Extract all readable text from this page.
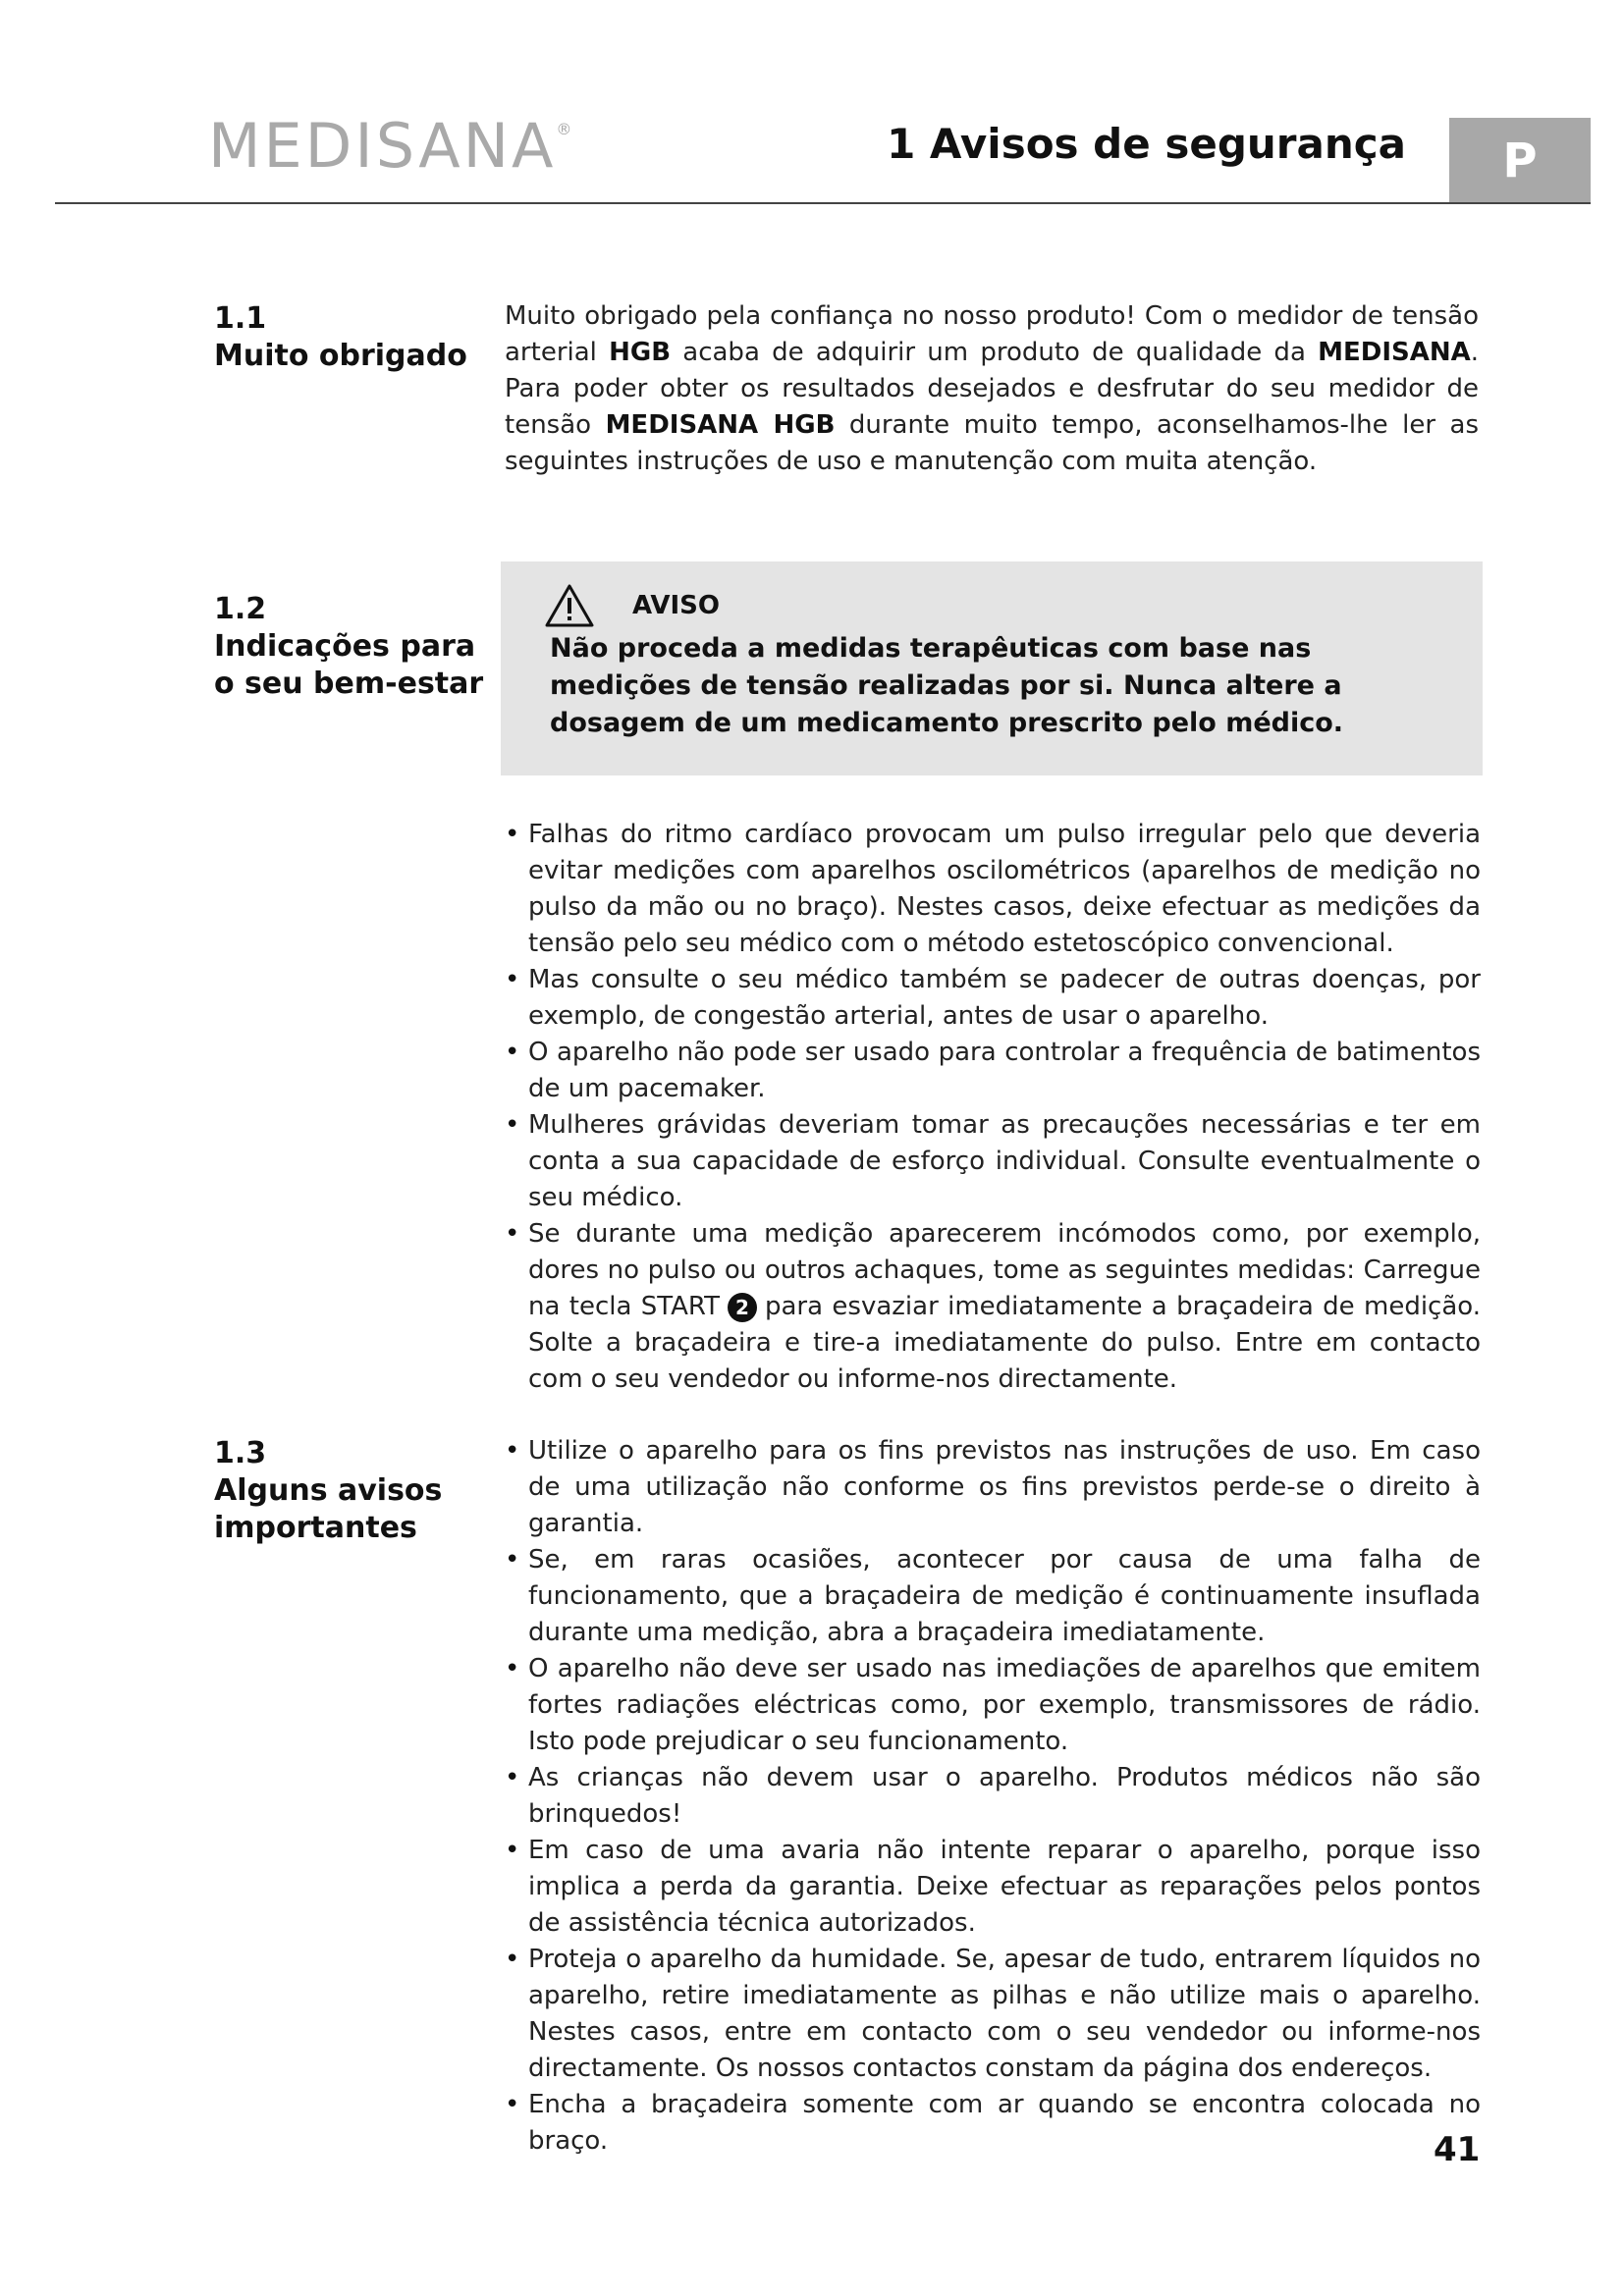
MEDISANA®	1 Avisos de segurança	P
1.1
Muito obrigado
Muito obrigado pela confiança no nosso produto! Com o medidor de tensão arterial HGB acaba de adquirir um produto de qualidade da MEDISANA. Para poder obter os resultados desejados e desfrutar do seu medidor de tensão MEDISANA HGB durante muito tempo, aconselhamos-lhe ler as seguintes instruções de uso e manutenção com muita atenção.
1.2
Indicações para
o seu bem-estar
AVISO
Não proceda a medidas terapêuticas com base nas medições de tensão realizadas por si. Nunca altere a dosagem de um medicamento prescrito pelo médico.
• Falhas do ritmo cardíaco provocam um pulso irregular pelo que deveria evitar medições com aparelhos oscilométricos (aparelhos de medição no pulso da mão ou no braço). Nestes casos, deixe efectuar as medições da tensão pelo seu médico com o método estetoscópico convencional.
• Mas consulte o seu médico também se padecer de outras doenças, por exemplo, de congestão arterial, antes de usar o aparelho.
• O aparelho não pode ser usado para controlar a frequência de batimentos de um pacemaker.
• Mulheres grávidas deveriam tomar as precauções necessárias e ter em conta a sua capacidade de esforço individual. Consulte eventualmente o seu médico.
• Se durante uma medição aparecerem incómodos como, por exemplo, dores no pulso ou outros achaques, tome as seguintes medidas: Carregue na tecla START 2 para esvaziar imediatamente a braçadeira de medição. Solte a braçadeira e tire-a imediatamente do pulso. Entre em contacto com o seu vendedor ou informe-nos directamente.
1.3
Alguns avisos
importantes
• Utilize o aparelho para os fins previstos nas instruções de uso. Em caso de uma utilização não conforme os fins previstos perde-se o direito à garantia.
• Se, em raras ocasiões, acontecer por causa de uma falha de funcionamento, que a braçadeira de medição é continuamente insuflada durante uma medição, abra a braçadeira imediatamente.
• O aparelho não deve ser usado nas imediações de aparelhos que emitem fortes radiações eléctricas como, por exemplo, transmissores de rádio. Isto pode prejudicar o seu funcionamento.
• As crianças não devem usar o aparelho. Produtos médicos não são brinquedos!
• Em caso de uma avaria não intente reparar o aparelho, porque isso implica a perda da garantia. Deixe efectuar as reparações pelos pontos de assistência técnica autorizados.
• Proteja o aparelho da humidade. Se, apesar de tudo, entrarem líquidos no aparelho, retire imediatamente as pilhas e não utilize mais o aparelho. Nestes casos, entre em contacto com o seu vendedor ou informe-nos directamente. Os nossos contactos constam da página dos endereços.
• Encha a braçadeira somente com ar quando se encontra colocada no braço.	41
